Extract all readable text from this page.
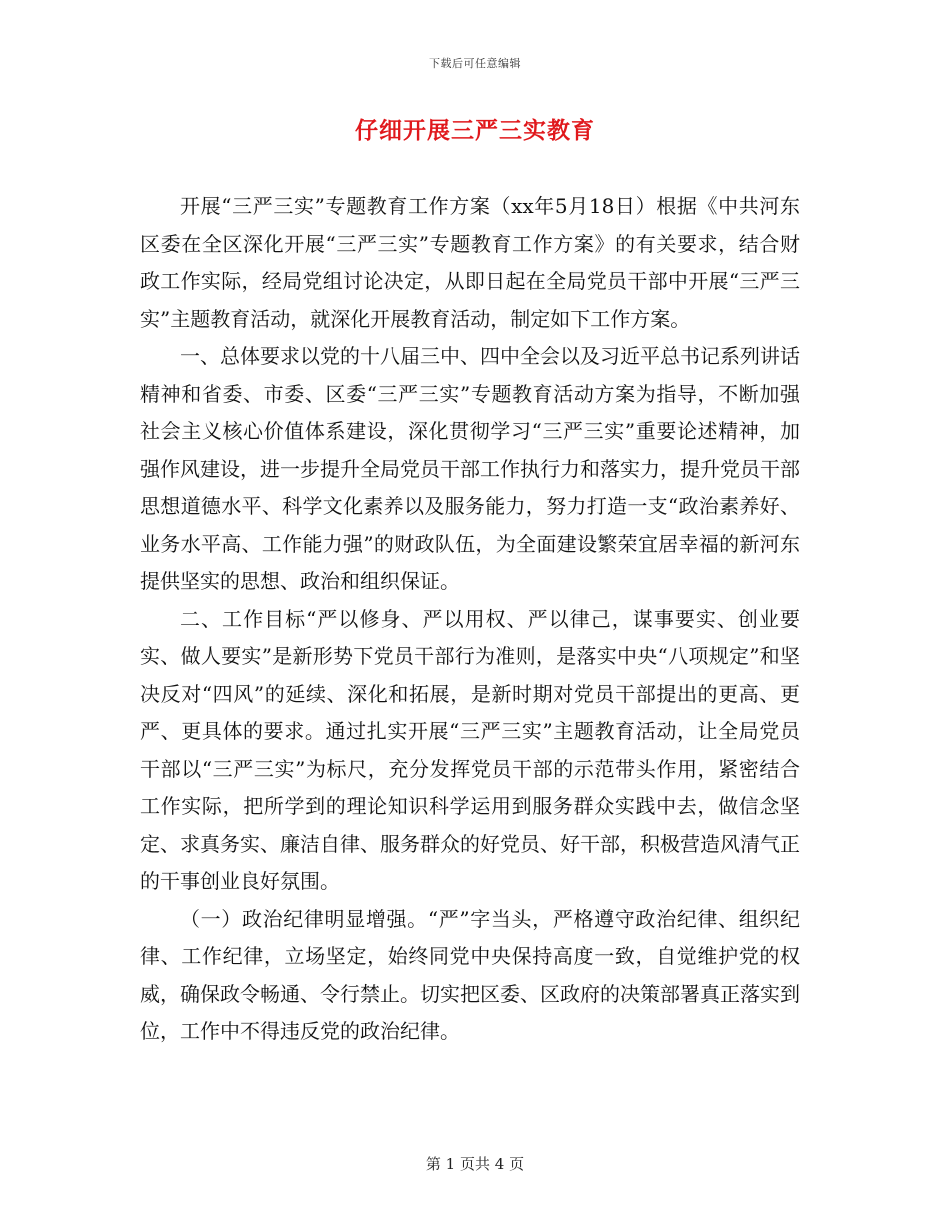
下载后可任意编辑
仔细开展三严三实教育

开展“三严三实”专题教育工作方案（xx年5月18日）根据《中共河东区委在全区深化开展“三严三实”专题教育工作方案》的有关要求，结合财政工作实际，经局党组讨论决定，从即日起在全局党员干部中开展“三严三实”主题教育活动，就深化开展教育活动，制定如下工作方案。

一、总体要求以党的十八届三中、四中全会以及习近平总书记系列讲话精神和省委、市委、区委“三严三实”专题教育活动方案为指导，不断加强社会主义核心价值体系建设，深化贯彻学习“三严三实”重要论述精神，加强作风建设，进一步提升全局党员干部工作执行力和落实力，提升党员干部思想道德水平、科学文化素养以及服务能力，努力打造一支“政治素养好、业务水平高、工作能力强”的财政队伍，为全面建设繁荣宜居幸福的新河东提供坚实的思想、政治和组织保证。

二、工作目标“严以修身、严以用权、严以律己，谋事要实、创业要实、做人要实”是新形势下党员干部行为准则，是落实中央“八项规定”和坚决反对“四风”的延续、深化和拓展，是新时期对党员干部提出的更高、更严、更具体的要求。通过扎实开展“三严三实”主题教育活动，让全局党员干部以“三严三实”为标尺，充分发挥党员干部的示范带头作用，紧密结合工作实际，把所学到的理论知识科学运用到服务群众实践中去，做信念坚定、求真务实、廉洁自律、服务群众的好党员、好干部，积极营造风清气正的干事创业良好氛围。

（一）政治纪律明显增强。“严”字当头，严格遵守政治纪律、组织纪律、工作纪律，立场坚定，始终同党中央保持高度一致，自觉维护党的权威，确保政令畅通、令行禁止。切实把区委、区政府的决策部署真正落实到位，工作中不得违反党的政治纪律。

第 1 页共 4 页
